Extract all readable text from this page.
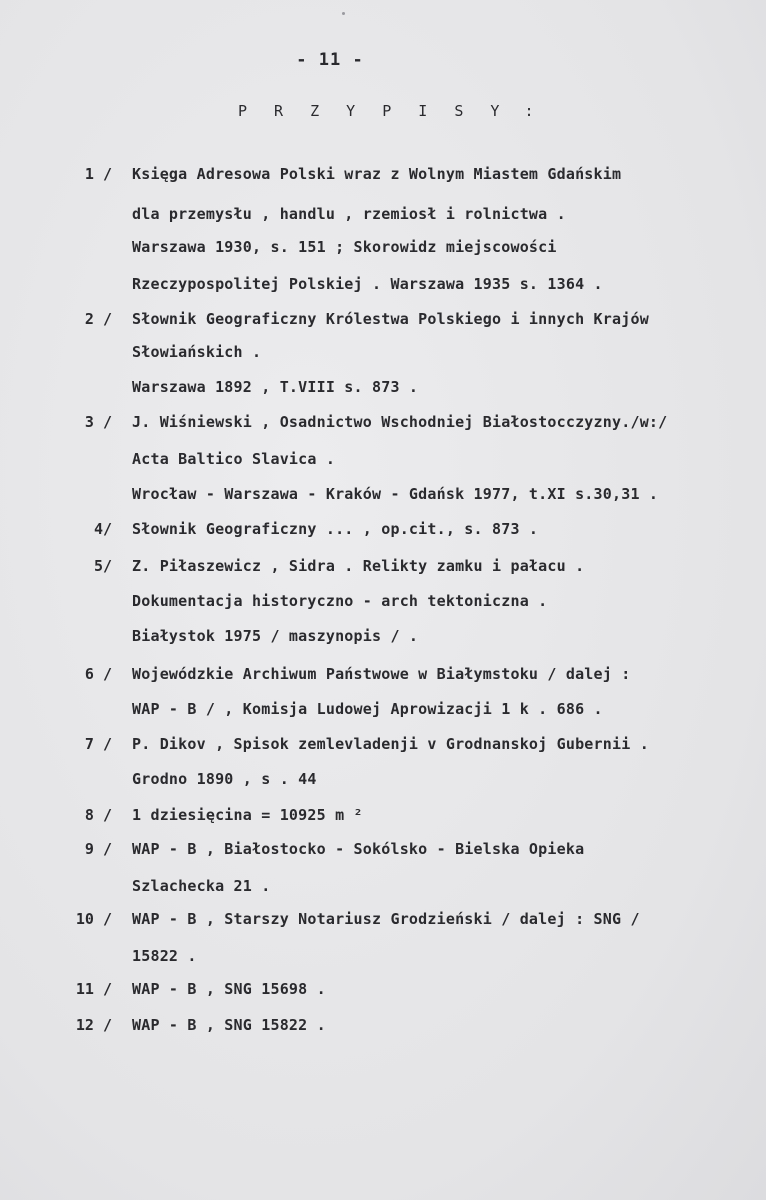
- 11 -
P R Z Y P I S Y :
1 / Księga Adresowa Polski wraz z Wolnym Miastem Gdańskim
dla przemysłu , handlu , rzemiosł i rolnictwa .
Warszawa 1930, s. 151 ; Skorowidz miejscowości
Rzeczypospolitej Polskiej . Warszawa 1935 s. 1364 .
2 / Słownik Geograficzny Królestwa Polskiego i innych Krajów
Słowiańskich .
Warszawa 1892 , T.VIII s. 873 .
3 / J. Wiśniewski , Osadnictwo Wschodniej Białostocczyzny./w:/
Acta Baltico Slavica .
Wrocław - Warszawa - Kraków - Gdańsk 1977, t.XI s.30,31 .
4/ Słownik Geograficzny ... , op.cit., s. 873 .
5/ Z. Piłaszewicz , Sidra . Relikty zamku i pałacu .
Dokumentacja historyczno - arch tektoniczna .
Białystok 1975 / maszynopis / .
6 / Wojewódzkie Archiwum Państwowe w Białymstoku / dalej :
WAP - B / , Komisja Ludowej Aprowizacji 1 k . 686 .
7 / P. Dikov , Spisok zemlevladenji v Grodnanskoj Gubernii .
Grodno 1890 , s . 44
8 / 1 dziesięcina = 10925 m ²
9 / WAP - B , Białostocko - Sokólsko - Bielska Opieka
Szlachecka 21 .
10 / WAP - B , Starszy Notariusz Grodzieński / dalej : SNG /
15822 .
11 / WAP - B , SNG 15698 .
12 / WAP - B , SNG 15822 .
